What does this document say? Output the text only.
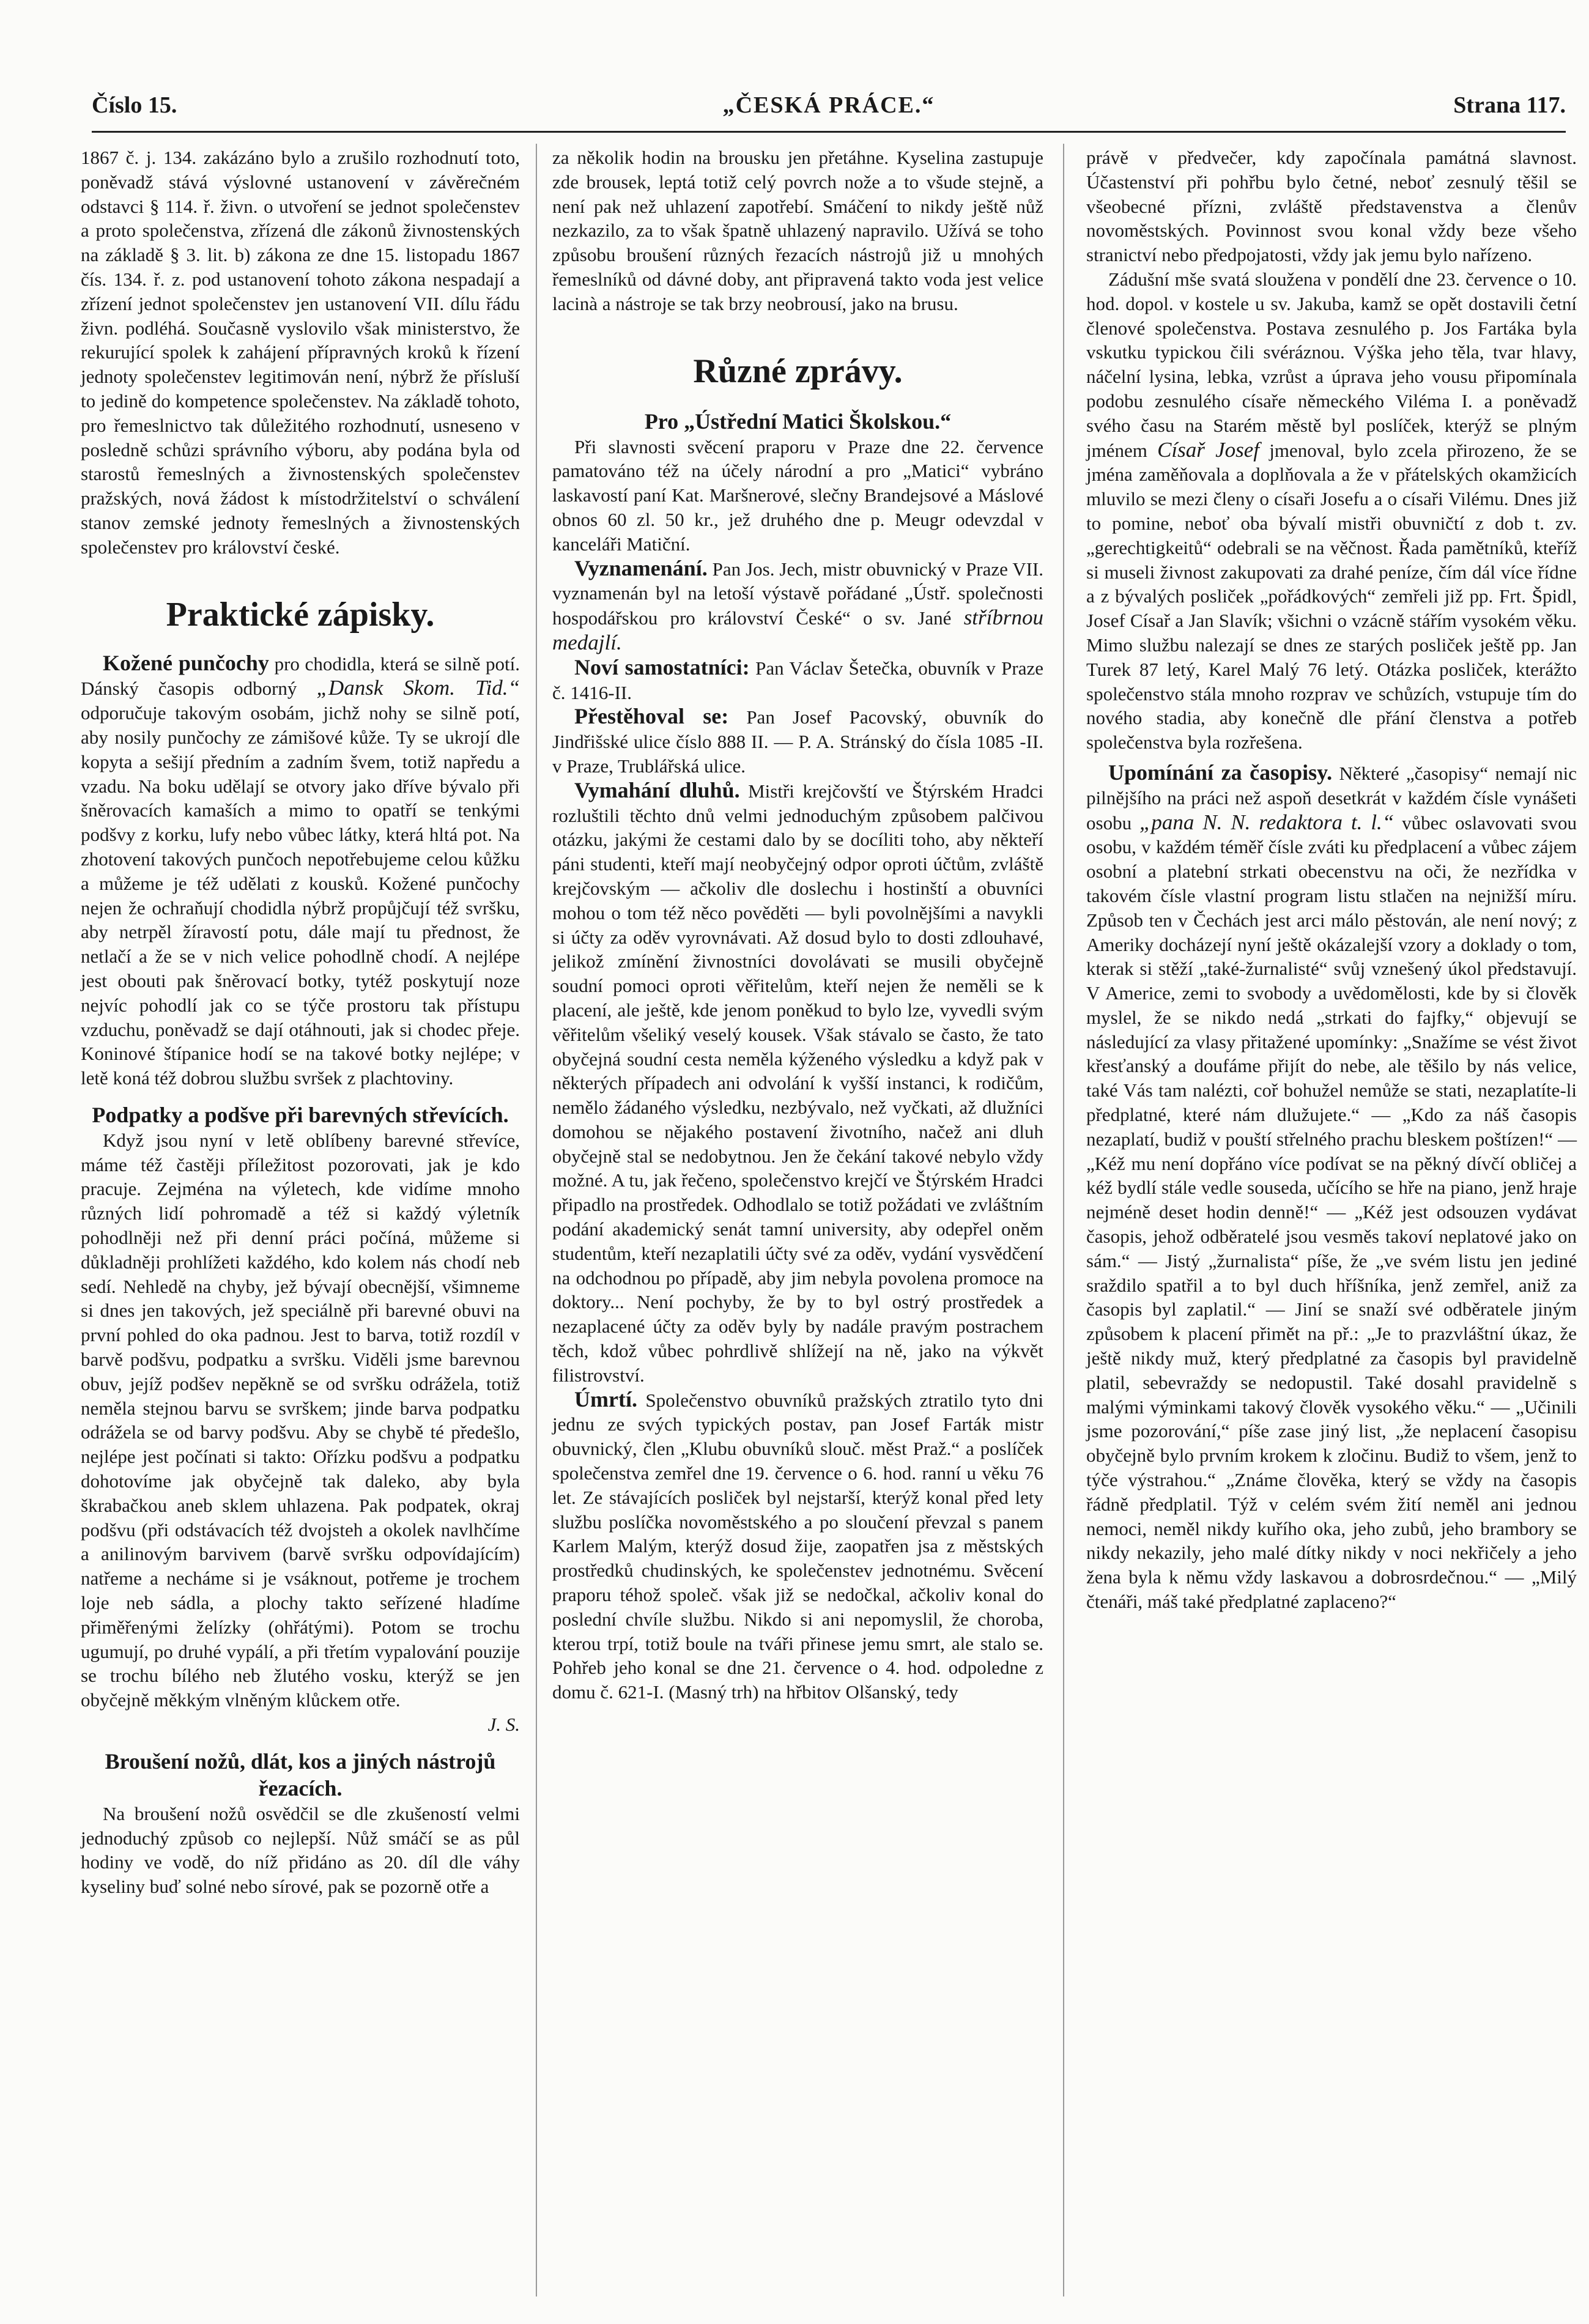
Číslo 15.	„ČESKÁ PRÁCE.“	Strana 117.

1867 č. j. 134. zakázáno bylo a zrušilo rozhodnutí toto, poněvadž stává výslovné ustanovení v závěrečném odstavci § 114. ř. živn. o utvoření se jednot společenstev a proto společenstva, zřízená dle zákonů živnostenských na základě § 3. lit. b) zákona ze dne 15. listopadu 1867 čís. 134. ř. z. pod ustanovení tohoto zákona nespadají a zřízení jednot společenstev jen ustanovení VII. dílu řádu živn. podléhá. Současně vyslovilo však ministerstvo, že rekurující spolek k zahájení přípravných kroků k řízení jednoty společenstev legitimován není, nýbrž že přísluší to jedině do kompetence společenstev. Na základě tohoto, pro řemeslnictvo tak důležitého rozhodnutí, usneseno v posledně schůzi správního výboru, aby podána byla od starostů řemeslných a živnostenských společenstev pražských, nová žádost k místodržitelství o schválení stanov zemské jednoty řemeslných a živnostenských společenstev pro království české.

Praktické zápisky.

Kožené punčochy pro chodidla, která se silně potí. Dánský časopis odborný „Dansk Skom. Tid.“ odporučuje takovým osobám, jichž nohy se silně potí, aby nosily punčochy ze zámišové kůže. Ty se ukrojí dle kopyta a sešijí předním a zadním švem, totiž napředu a vzadu. Na boku udělají se otvory jako dříve bývalo při šněrovacích kamaších a mimo to opatří se tenkými podšvy z korku, lufy nebo vůbec látky, která hltá pot. Na zhotovení takových punčoch nepotřebujeme celou kůžku a můžeme je též udělati z kousků. Kožené punčochy nejen že ochraňují chodidla nýbrž propůjčují též svršku, aby netrpěl žíravostí potu, dále mají tu přednost, že netlačí a že se v nich velice pohodlně chodí. A nejlépe jest obouti pak šněrovací botky, tytéž poskytují noze nejvíc pohodlí jak co se týče prostoru tak přístupu vzduchu, poněvadž se dají otáhnouti, jak si chodec přeje. Koninové štípanice hodí se na takové botky nejlépe; v letě koná též dobrou službu svršek z plachtoviny.

Podpatky a podšve při barevných střevících.

Když jsou nyní v letě oblíbeny barevné střevíce, máme též častěji příležitost pozorovati, jak je kdo pracuje. Zejména na výletech, kde vidíme mnoho různých lidí pohromadě a též si každý výletník pohodlněji než při denní práci počíná, můžeme si důkladněji prohlížeti každého, kdo kolem nás chodí neb sedí. Nehledě na chyby, jež bývají obecnější, všimneme si dnes jen takových, jež speciálně při barevné obuvi na první pohled do oka padnou. Jest to barva, totiž rozdíl v barvě podšvu, podpatku a svršku. Viděli jsme barevnou obuv, jejíž podšev nepěkně se od svršku odrážela, totiž neměla stejnou barvu se svrškem; jinde barva podpatku odrážela se od barvy podšvu. Aby se chybě té předešlo, nejlépe jest počínati si takto: Ořízku podšvu a podpatku dohotovíme jak obyčejně tak daleko, aby byla škrabačkou aneb sklem uhlazena. Pak podpatek, okraj podšvu (při odstávacích též dvojsteh a okolek navlhčíme a anilinovým barvivem (barvě svršku odpovídajícím) natřeme a necháme si je vsáknout, potřeme je trochem loje neb sádla, a plochy takto seřízené hladíme přiměřenými želízky (ohřátými). Potom se trochu ugumují, po druhé vypálí, a při třetím vypalování pouzije se trochu bílého neb žlutého vosku, kterýž se jen obyčejně měkkým vlněným klůckem otře.

J. S.
Broušení nožů, dlát, kos a jiných nástrojů řezacích.

Na broušení nožů osvědčil se dle zkušeností velmi jednoduchý způsob co nejlepší. Nůž smáčí se as půl hodiny ve vodě, do níž přidáno as 20. díl dle váhy kyseliny buď solné nebo sírové, pak se pozorně otře a

za několik hodin na brousku jen přetáhne. Kyselina zastupuje zde brousek, leptá totiž celý povrch nože a to všude stejně, a není pak než uhlazení zapotřebí. Smáčení to nikdy ještě nůž nezkazilo, za to však špatně uhlazený napravilo. Užívá se toho způsobu broušení různých řezacích nástrojů již u mnohých řemeslníků od dávné doby, ant připravená takto voda jest velice lacinà a nástroje se tak brzy neobrousí, jako na brusu.

Různé zprávy.
Pro „Ústřední Matici Školskou.“

Při slavnosti svěcení praporu v Praze dne 22. července pamatováno též na účely národní a pro „Matici“ vybráno laskavostí paní Kat. Maršnerové, slečny Brandejsové a Máslové obnos 60 zl. 50 kr., jež druhého dne p. Meugr odevzdal v kanceláři Matiční.

Vyznamenání. Pan Jos. Jech, mistr obuvnický v Praze VII. vyznamenán byl na letoší výstavě pořádané „Ústř. společnosti hospodářskou pro království České“ o sv. Jané stříbrnou medajlí.

Noví samostatníci: Pan Václav Šetečka, obuvník v Praze č. 1416-II.

Přestěhoval se: Pan Josef Pacovský, obuvník do Jindřišské ulice číslo 888 II. — P. A. Stránský do čísla 1085 -II. v Praze, Trublářská ulice.

Vymahání dluhů. Mistři krejčovští ve Štýrském Hradci rozluštili těchto dnů velmi jednoduchým způsobem palčivou otázku, jakými že cestami dalo by se docíliti toho, aby někteří páni studenti, kteří mají neobyčejný odpor oproti účtům, zvláště krejčovským — ačkoliv dle doslechu i hostinští a obuvníci mohou o tom též něco pověděti — byli povolnějšími a navykli si účty za oděv vyrovnávati. Až dosud bylo to dosti zdlouhavé, jelikož zmínění živnostníci dovolávati se musili obyčejně soudní pomoci oproti věřitelům, kteří nejen že neměli se k placení, ale ještě, kde jenom poněkud to bylo lze, vyvedli svým věřitelům všeliký veselý kousek. Však stávalo se často, že tato obyčejná soudní cesta neměla kýženého výsledku a když pak v některých případech ani odvolání k vyšší instanci, k rodičům, nemělo žádaného výsledku, nezbývalo, než vyčkati, až dlužníci domohou se nějakého postavení životního, načež ani dluh obyčejně stal se nedobytnou. Jen že čekání takové nebylo vždy možné. A tu, jak řečeno, společenstvo krejčí ve Štýrském Hradci připadlo na prostředek. Odhodlalo se totiž požádati ve zvláštním podání akademický senát tamní university, aby odepřel oněm studentům, kteří nezaplatili účty své za oděv, vydání vysvědčení na odchodnou po případě, aby jim nebyla povolena promoce na doktory... Není pochyby, že by to byl ostrý prostředek a nezaplacené účty za oděv byly by nadále pravým postrachem těch, kdož vůbec pohrdlivě shlížejí na ně, jako na výkvět filistrovství.

Úmrtí. Společenstvo obuvníků pražských ztratilo tyto dni jednu ze svých typických postav, pan Josef Farták mistr obuvnický, člen „Klubu obuvníků slouč. měst Praž.“ a poslíček společenstva zemřel dne 19. července o 6. hod. ranní u věku 76 let. Ze stávajících posliček byl nejstarší, kterýž konal před lety službu poslíčka novoměstského a po sloučení převzal s panem Karlem Malým, kterýž dosud žije, zaopatřen jsa z městských prostředků chudinských, ke společenstev jednotnému. Svěcení praporu téhož společ. však již se nedočkal, ačkoliv konal do poslední chvíle službu. Nikdo si ani nepomyslil, že choroba, kterou trpí, totiž boule na tváři přinese jemu smrt, ale stalo se. Pohřeb jeho konal se dne 21. července o 4. hod. odpoledne z domu č. 621-I. (Masný trh) na hřbitov Olšanský, tedy

právě v předvečer, kdy započínala památná slavnost. Účastenství při pohřbu bylo četné, neboť zesnulý těšil se všeobecné přízni, zvláště představenstva a členův novoměstských. Povinnost svou konal vždy beze všeho stranictví nebo předpojatosti, vždy jak jemu bylo nařízeno.

Zádušní mše svatá sloužena v pondělí dne 23. července o 10. hod. dopol. v kostele u sv. Jakuba, kamž se opět dostavili četní členové společenstva. Postava zesnulého p. Jos Fartáka byla vskutku typickou čili svéráznou. Výška jeho těla, tvar hlavy, náčelní lysina, lebka, vzrůst a úprava jeho vousu připomínala podobu zesnulého císaře německého Viléma I. a poněvadž svého času na Starém městě byl poslíček, kterýž se plným jménem Císař Josef jmenoval, bylo zcela přirozeno, že se jména zaměňovala a doplňovala a že v přátelských okamžicích mluvilo se mezi členy o císaři Josefu a o císaři Vilému. Dnes již to pomine, neboť oba bývalí mistři obuvničtí z dob t. zv. „gerechtigkeitů“ odebrali se na věčnost. Řada pamětníků, kteříž si museli živnost zakupovati za drahé peníze, čím dál více řídne a z bývalých posliček „pořádkových“ zemřeli již pp. Frt. Špidl, Josef Císař a Jan Slavík; všichni o vzácně stářím vysokém věku. Mimo službu nalezají se dnes ze starých posliček ještě pp. Jan Turek 87 letý, Karel Malý 76 letý. Otázka posliček, kterážto společenstvo stála mnoho rozprav ve schůzích, vstupuje tím do nového stadia, aby konečně dle přání členstva a potřeb společenstva byla rozřešena.

Upomínání za časopisy. Některé „časopisy“ nemají nic pilnějšího na práci než aspoň desetkrát v každém čísle vynášeti osobu „pana N. N. redaktora t. l.“ vůbec oslavovati svou osobu, v každém téměř čísle zváti ku předplacení a vůbec zájem osobní a platební strkati obecenstvu na oči, že nezřídka v takovém čísle vlastní program listu stlačen na nejnižší míru. Způsob ten v Čechách jest arci málo pěstován, ale není nový; z Ameriky docházejí nyní ještě okázalejší vzory a doklady o tom, kterak si stěží „také-žurnalisté“ svůj vznešený úkol představují. V Americe, zemi to svobody a uvědomělosti, kde by si člověk myslel, že se nikdo nedá „strkati do fajfky,“ objevují se následující za vlasy přitažené upomínky: „Snažíme se vést život křesťanský a doufáme přijít do nebe, ale těšilo by nás velice, také Vás tam nalézti, coř bohužel nemůže se stati, nezaplatíte-li předplatné, které nám dlužujete.“ — „Kdo za náš časopis nezaplatí, budiž v pouští střelného prachu bleskem poštízen!“ — „Kéž mu není dopřáno více podívat se na pěkný dívčí obličej a kéž bydlí stále vedle souseda, učícího se hře na piano, jenž hraje nejméně deset hodin denně!“ — „Kéž jest odsouzen vydávat časopis, jehož odběratelé jsou vesměs takoví neplatové jako on sám.“ — Jistý „žurnalista“ píše, že „ve svém listu jen jediné sraždilo spatřil a to byl duch hříšníka, jenž zemřel, aniž za časopis byl zaplatil.“ — Jiní se snaží své odběratele jiným způsobem k placení přimět na př.: „Je to prazvláštní úkaz, že ještě nikdy muž, který předplatné za časopis byl pravidelně platil, sebevraždy se nedopustil. Také dosahl pravidelně s malými výminkami takový člověk vysokého věku.“ — „Učinili jsme pozorování,“ píše zase jiný list, „že neplacení časopisu obyčejně bylo prvním krokem k zločinu. Budiž to všem, jenž to týče výstrahou.“ „Známe člověka, který se vždy na časopis řádně předplatil. Týž v celém svém žití neměl ani jednou nemoci, neměl nikdy kuřího oka, jeho zubů, jeho brambory se nikdy nekazily, jeho malé dítky nikdy v noci nekřičely a jeho žena byla k němu vždy laskavou a dobrosrdečnou.“ — „Milý čtenáři, máš také předplatné zaplaceno?“
